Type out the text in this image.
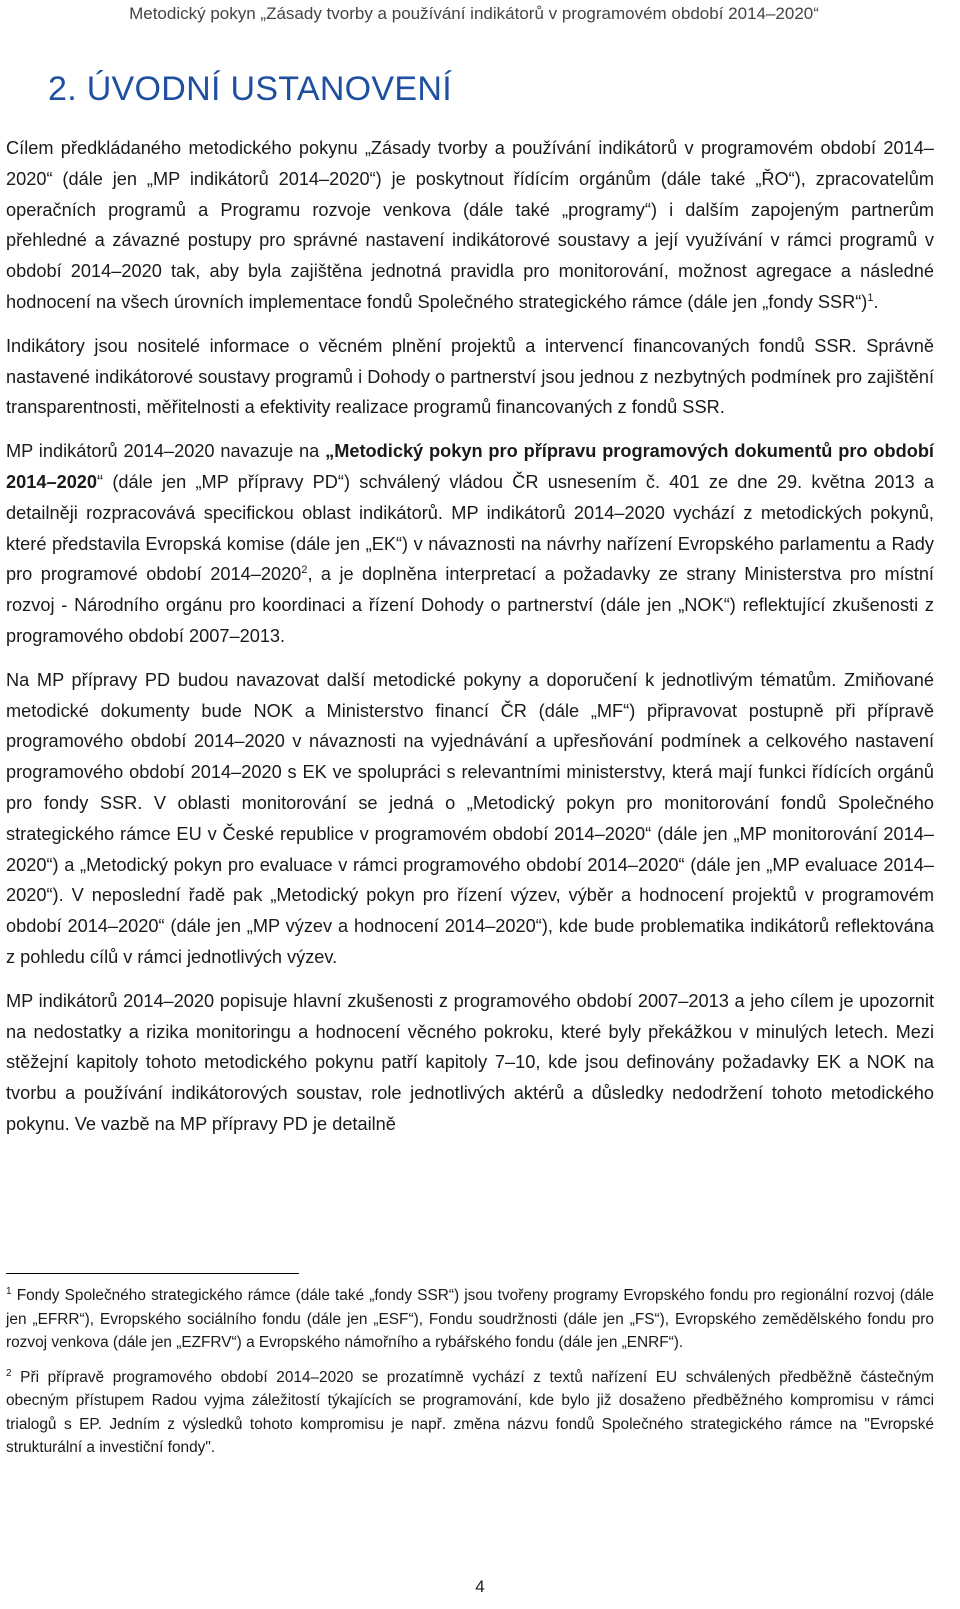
Metodický pokyn „Zásady tvorby a používání indikátorů v programovém období 2014–2020“
2. ÚVODNÍ USTANOVENÍ

Cílem předkládaného metodického pokynu „Zásady tvorby a používání indikátorů v programovém období 2014–2020“ (dále jen „MP indikátorů 2014–2020“) je poskytnout řídícím orgánům (dále také „ŘO“), zpracovatelům operačních programů a Programu rozvoje venkova (dále také „programy“) i dalším zapojeným partnerům přehledné a závazné postupy pro správné nastavení indikátorové soustavy a její využívání v rámci programů v období 2014–2020 tak, aby byla zajištěna jednotná pravidla pro monitorování, možnost agregace a následné hodnocení na všech úrovních implementace fondů Společného strategického rámce (dále jen „fondy SSR“)$^1$.

Indikátory jsou nositelé informace o věcném plnění projektů a intervencí financovaných fondů SSR. Správně nastavené indikátorové soustavy programů i Dohody o partnerství jsou jednou z nezbytných podmínek pro zajištění transparentnosti, měřitelnosti a efektivity realizace programů financovaných z fondů SSR.

MP indikátorů 2014–2020 navazuje na „Metodický pokyn pro přípravu programových dokumentů pro období 2014–2020“ (dále jen „MP přípravy PD“) schválený vládou ČR usnesením č. 401 ze dne 29. května 2013 a detailněji rozpracovává specifickou oblast indikátorů. MP indikátorů 2014–2020 vychází z metodických pokynů, které představila Evropská komise (dále jen „EK“) v návaznosti na návrhy nařízení Evropského parlamentu a Rady pro programové období 2014–2020$^2$, a je doplněna interpretací a požadavky ze strany Ministerstva pro místní rozvoj - Národního orgánu pro koordinaci a řízení Dohody o partnerství (dále jen „NOK“) reflektující zkušenosti z programového období 2007–2013.

Na MP přípravy PD budou navazovat další metodické pokyny a doporučení k jednotlivým tématům. Zmiňované metodické dokumenty bude NOK a Ministerstvo financí ČR (dále „MF“) připravovat postupně při přípravě programového období 2014–2020 v návaznosti na vyjednávání a upřesňování podmínek a celkového nastavení programového období 2014–2020 s EK ve spolupráci s relevantními ministerstvy, která mají funkci řídících orgánů pro fondy SSR. V oblasti monitorování se jedná o „Metodický pokyn pro monitorování fondů Společného strategického rámce EU v České republice v programovém období 2014–2020“ (dále jen „MP monitorování 2014–2020“) a „Metodický pokyn pro evaluace v rámci programového období 2014–2020“ (dále jen „MP evaluace 2014–2020“). V neposlední řadě pak „Metodický pokyn pro řízení výzev, výběr a hodnocení projektů v programovém období 2014–2020“ (dále jen „MP výzev a hodnocení 2014–2020“), kde bude problematika indikátorů reflektována z pohledu cílů v rámci jednotlivých výzev.

MP indikátorů 2014–2020 popisuje hlavní zkušenosti z programového období 2007–2013 a jeho cílem je upozornit na nedostatky a rizika monitoringu a hodnocení věcného pokroku, které byly překážkou v minulých letech. Mezi stěžejní kapitoly tohoto metodického pokynu patří kapitoly 7–10, kde jsou definovány požadavky EK a NOK na tvorbu a používání indikátorových soustav, role jednotlivých aktérů a důsledky nedodržení tohoto metodického pokynu. Ve vazbě na MP přípravy PD je detailně

$^1$ Fondy Společného strategického rámce (dále také „fondy SSR“) jsou tvořeny programy Evropského fondu pro regionální rozvoj (dále jen „EFRR“), Evropského sociálního fondu (dále jen „ESF“), Fondu soudržnosti (dále jen „FS“), Evropského zemědělského fondu pro rozvoj venkova (dále jen „EZFRV“) a Evropského námořního a rybářského fondu (dále jen „ENRF“).

$^2$ Při přípravě programového období 2014–2020 se prozatímně vychází z textů nařízení EU schválených předběžně částečným obecným přístupem Radou vyjma záležitostí týkajících se programování, kde bylo již dosaženo předběžného kompromisu v rámci trialogů s EP. Jedním z výsledků tohoto kompromisu je např. změna názvu fondů Společného strategického rámce na "Evropské strukturální a investiční fondy".

4
